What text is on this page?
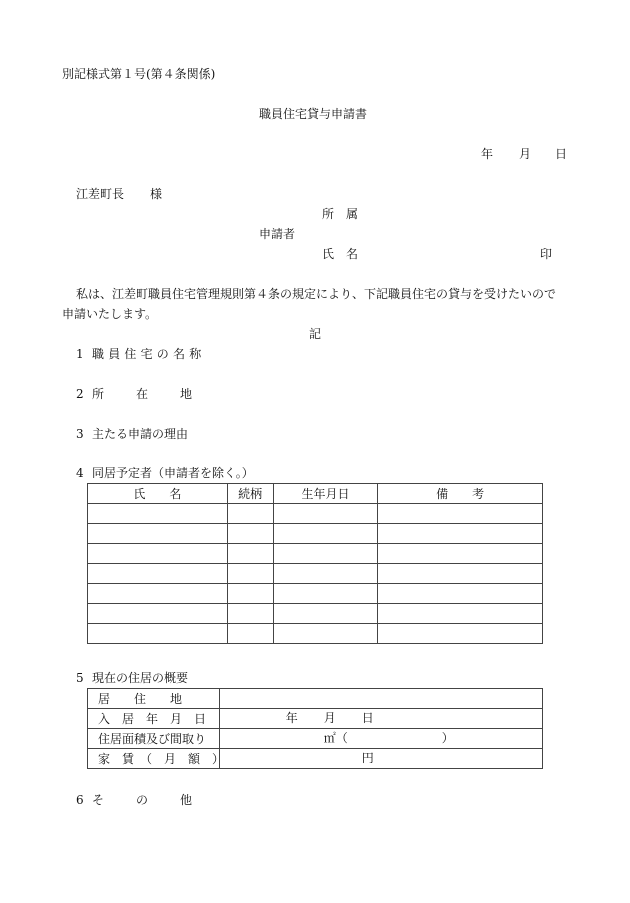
別記様式第１号(第４条関係)
職員住宅貸与申請書
年 月 日
江差町長 様
所　属
申請者
氏　名	印
私は、江差町職員住宅管理規則第４条の規定により、下記職員住宅の貸与を受けたいので
申請いたします。
記
1 職員住宅の名称
2 所	在	地
3 主たる申請の理由
4 同居予定者（申請者を除く。）
氏　　名	続柄	生年月日	備　　考

5 現在の住居の概要
居　　住　　地	
入　居　年　月　日	年 月 日

住居面積及び間取り	㎡（ ）

家　賃　（　月　額　）	円
6 そ	の	他
